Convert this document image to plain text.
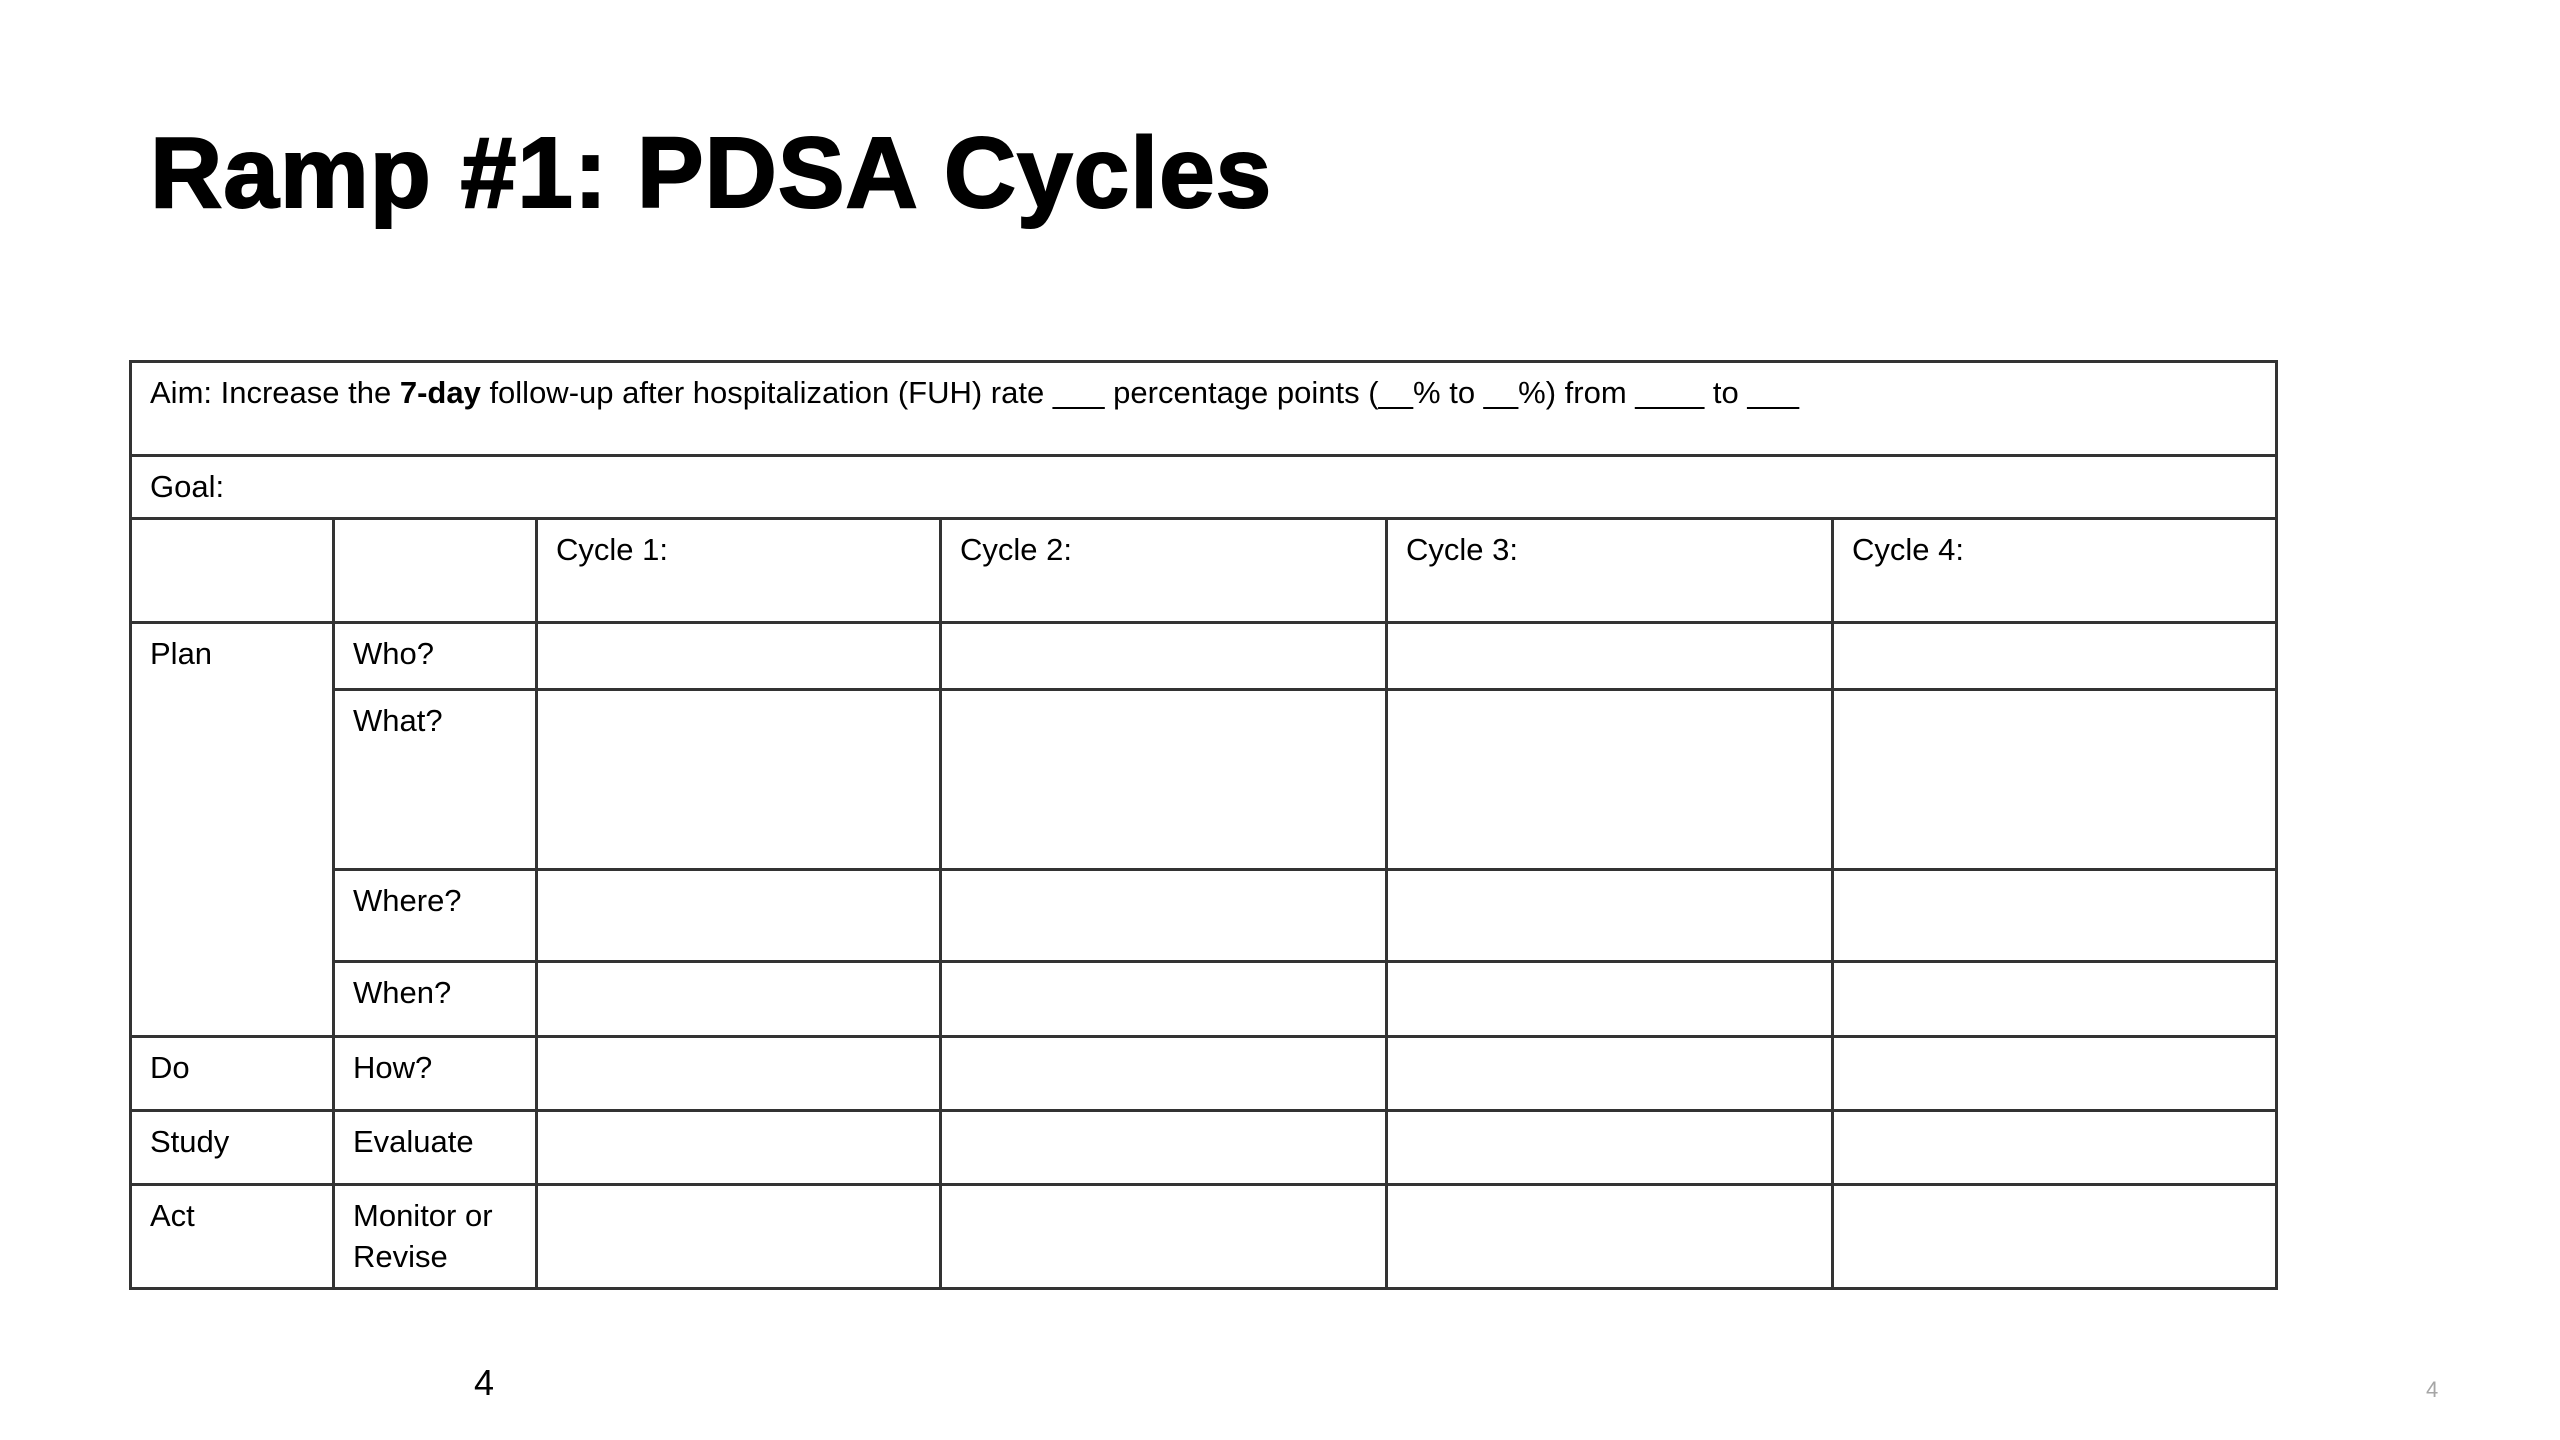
Ramp #1: PDSA Cycles
Aim: Increase the 7-day follow-up after hospitalization (FUH) rate ___ percentage points (__% to __%) from ____ to ___					
Goal:					
		Cycle 1:	Cycle 2:	Cycle 3:	Cycle 4:
Plan	Who?				
	What?				
	Where?				
	When?				
Do	How?				
Study	Evaluate				
Act	Monitor or
Revise				
4	4
